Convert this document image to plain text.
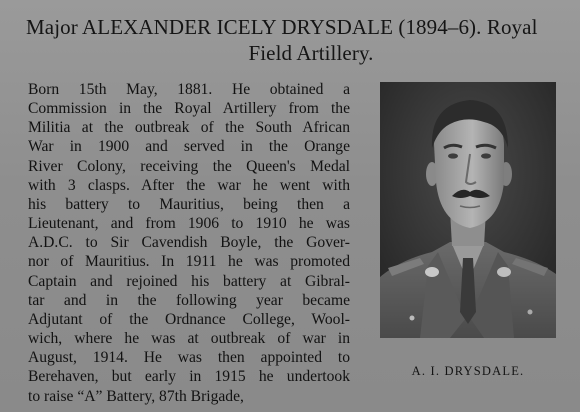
Major ALEXANDER ICELY DRYSDALE (1894–6). Royal
Field Artillery.
Born 15th May, 1881. He obtained a
Commission in the Royal Artillery from the
Militia at the outbreak of the South African
War in 1900 and served in the Orange
River Colony, receiving the Queen's Medal
with 3 clasps. After the war he went with
his battery to Mauritius, being then a
Lieutenant, and from 1906 to 1910 he was
A.D.C. to Sir Cavendish Boyle, the Gover-
nor of Mauritius. In 1911 he was promoted
Captain and rejoined his battery at Gibral-
tar and in the following year became
Adjutant of the Ordnance College, Wool-
wich, where he was at outbreak of war in
August, 1914. He was then appointed to
Berehaven, but early in 1915 he undertook
to raise “A” Battery, 87th Brigade,
A. I. DRYSDALE.
